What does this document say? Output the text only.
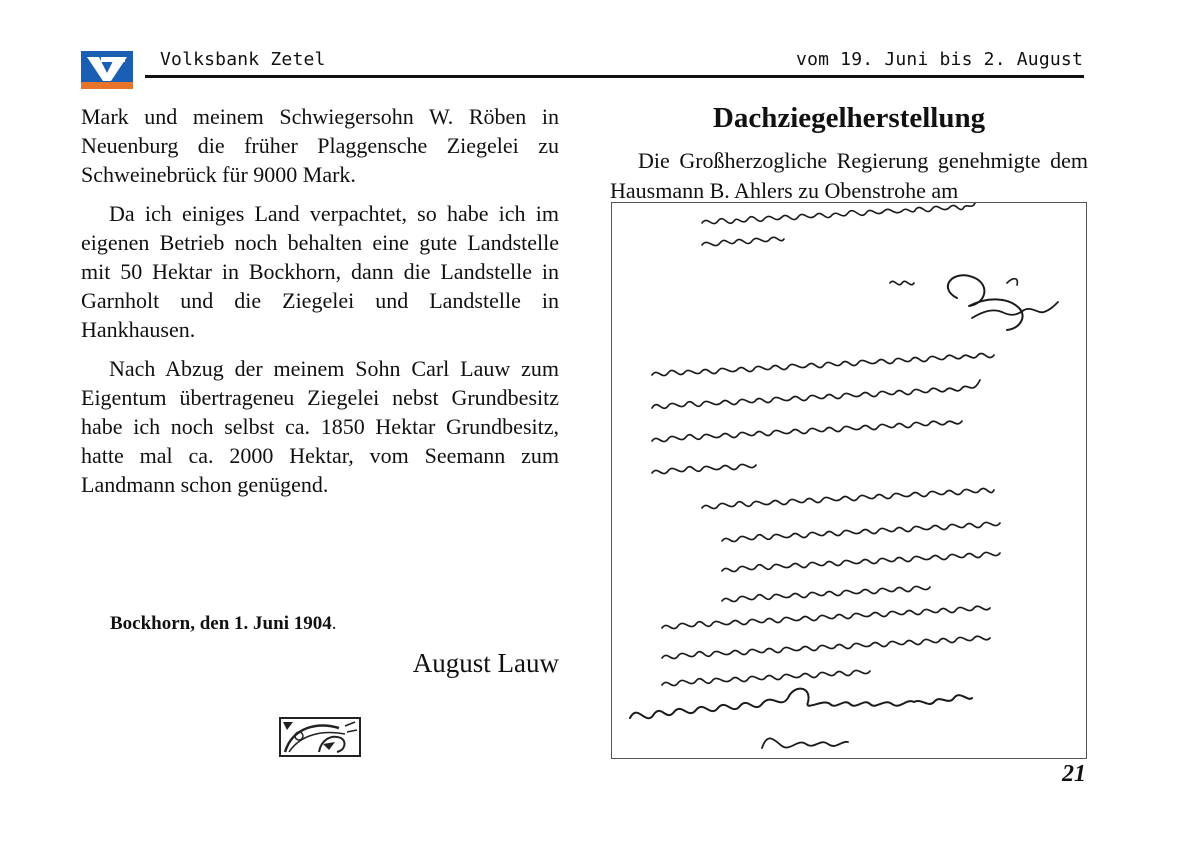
Volksbank Zetel	vom 19. Juni bis 2. August

Mark und meinem Schwiegersohn W. Röben in Neuenburg die früher Plaggensche Ziegelei zu Schweinebrück für 9000 Mark.

Da ich einiges Land verpachtet, so habe ich im eigenen Betrieb noch behalten eine gute Landstelle mit 50 Hektar in Bockhorn, dann die Landstelle in Garnholt und die Ziegelei und Landstelle in Hankhausen.

Nach Abzug der meinem Sohn Carl Lauw zum Eigentum übertrageneu Ziegelei nebst Grundbesitz habe ich noch selbst ca. 1850 Hektar Grundbesitz, hatte mal ca. 2000 Hektar, vom Seemann zum Landmann schon genügend.

Bockhorn, den 1. Juni 1904.
August Lauw
Dachziegelherstellung

Die Großherzogliche Regierung genehmigte dem Hausmann B. Ahlers zu Obenstrohe am

21
